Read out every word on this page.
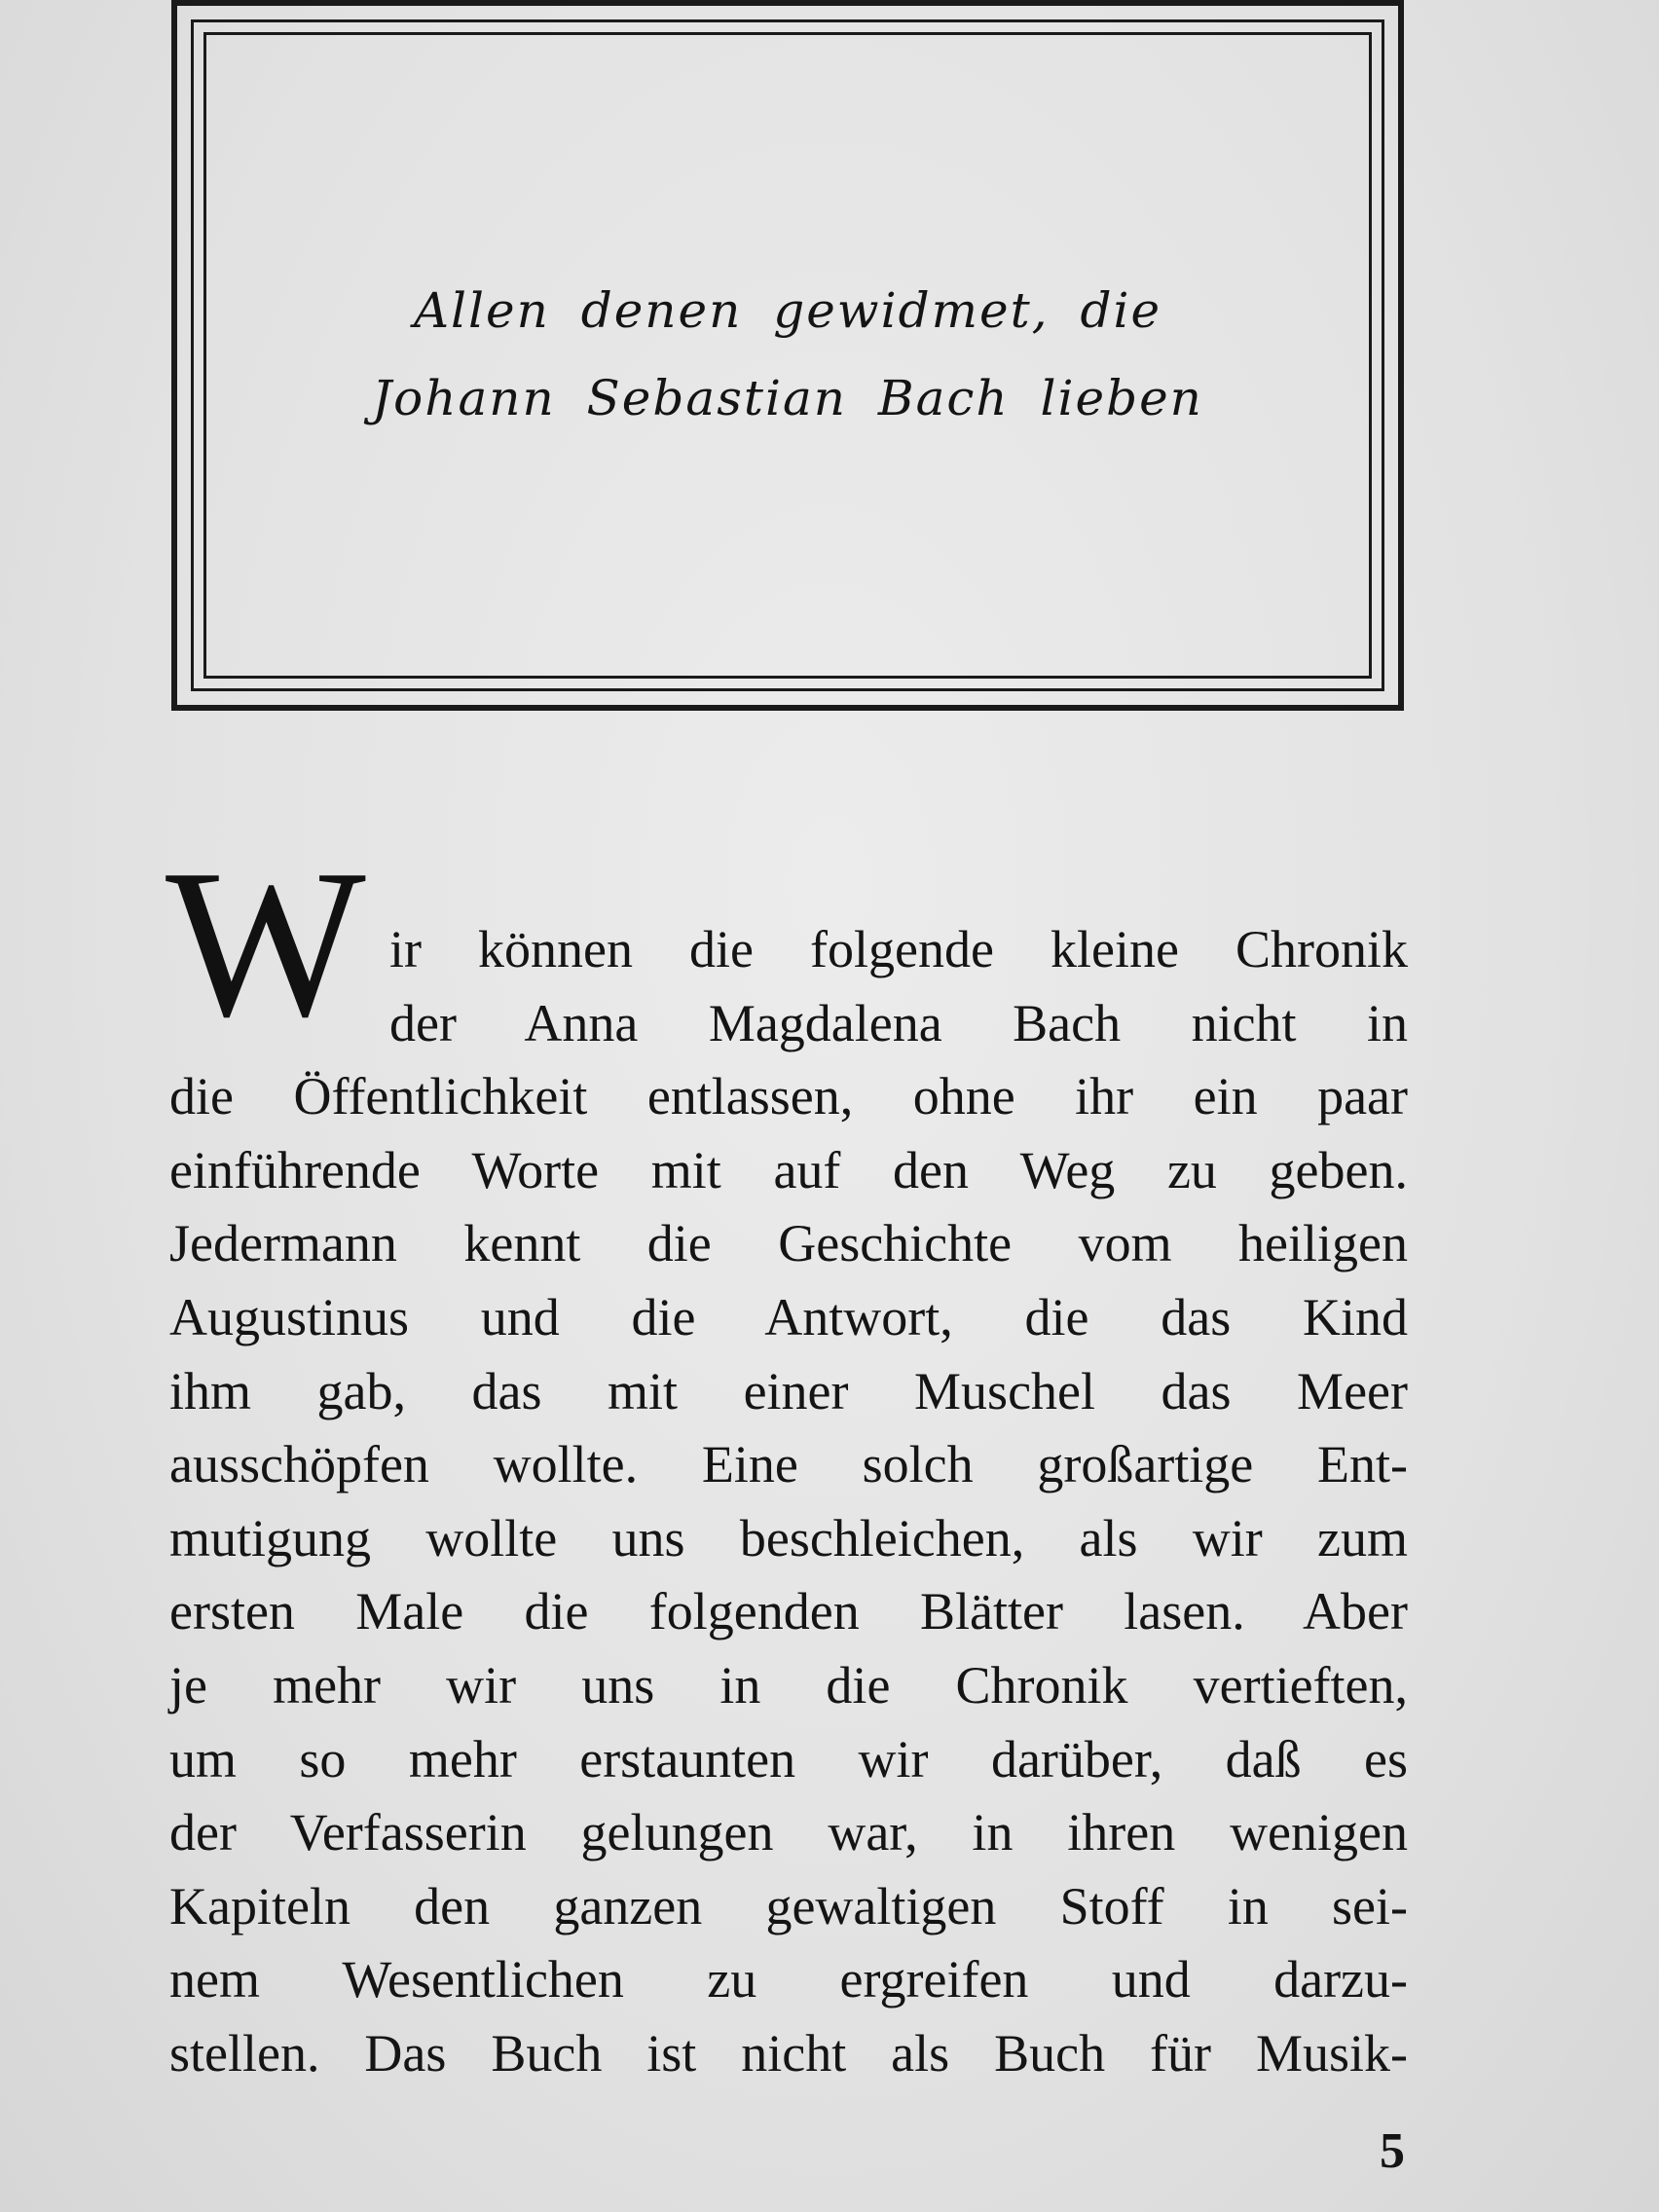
Allen denen gewidmet, die
Johann Sebastian Bach lieben
W ir können die folgende kleine Chronik
der Anna Magdalena Bach nicht in
die Öffentlichkeit entlassen, ohne ihr ein paar
einführende Worte mit auf den Weg zu geben.
Jedermann kennt die Geschichte vom heiligen
Augustinus und die Antwort, die das Kind
ihm gab, das mit einer Muschel das Meer
ausschöpfen wollte. Eine solch großartige Ent-
mutigung wollte uns beschleichen, als wir zum
ersten Male die folgenden Blätter lasen. Aber
je mehr wir uns in die Chronik vertieften,
um so mehr erstaunten wir darüber, daß es
der Verfasserin gelungen war, in ihren wenigen
Kapiteln den ganzen gewaltigen Stoff in sei-
nem Wesentlichen zu ergreifen und darzu-
stellen. Das Buch ist nicht als Buch für Musik-
5
